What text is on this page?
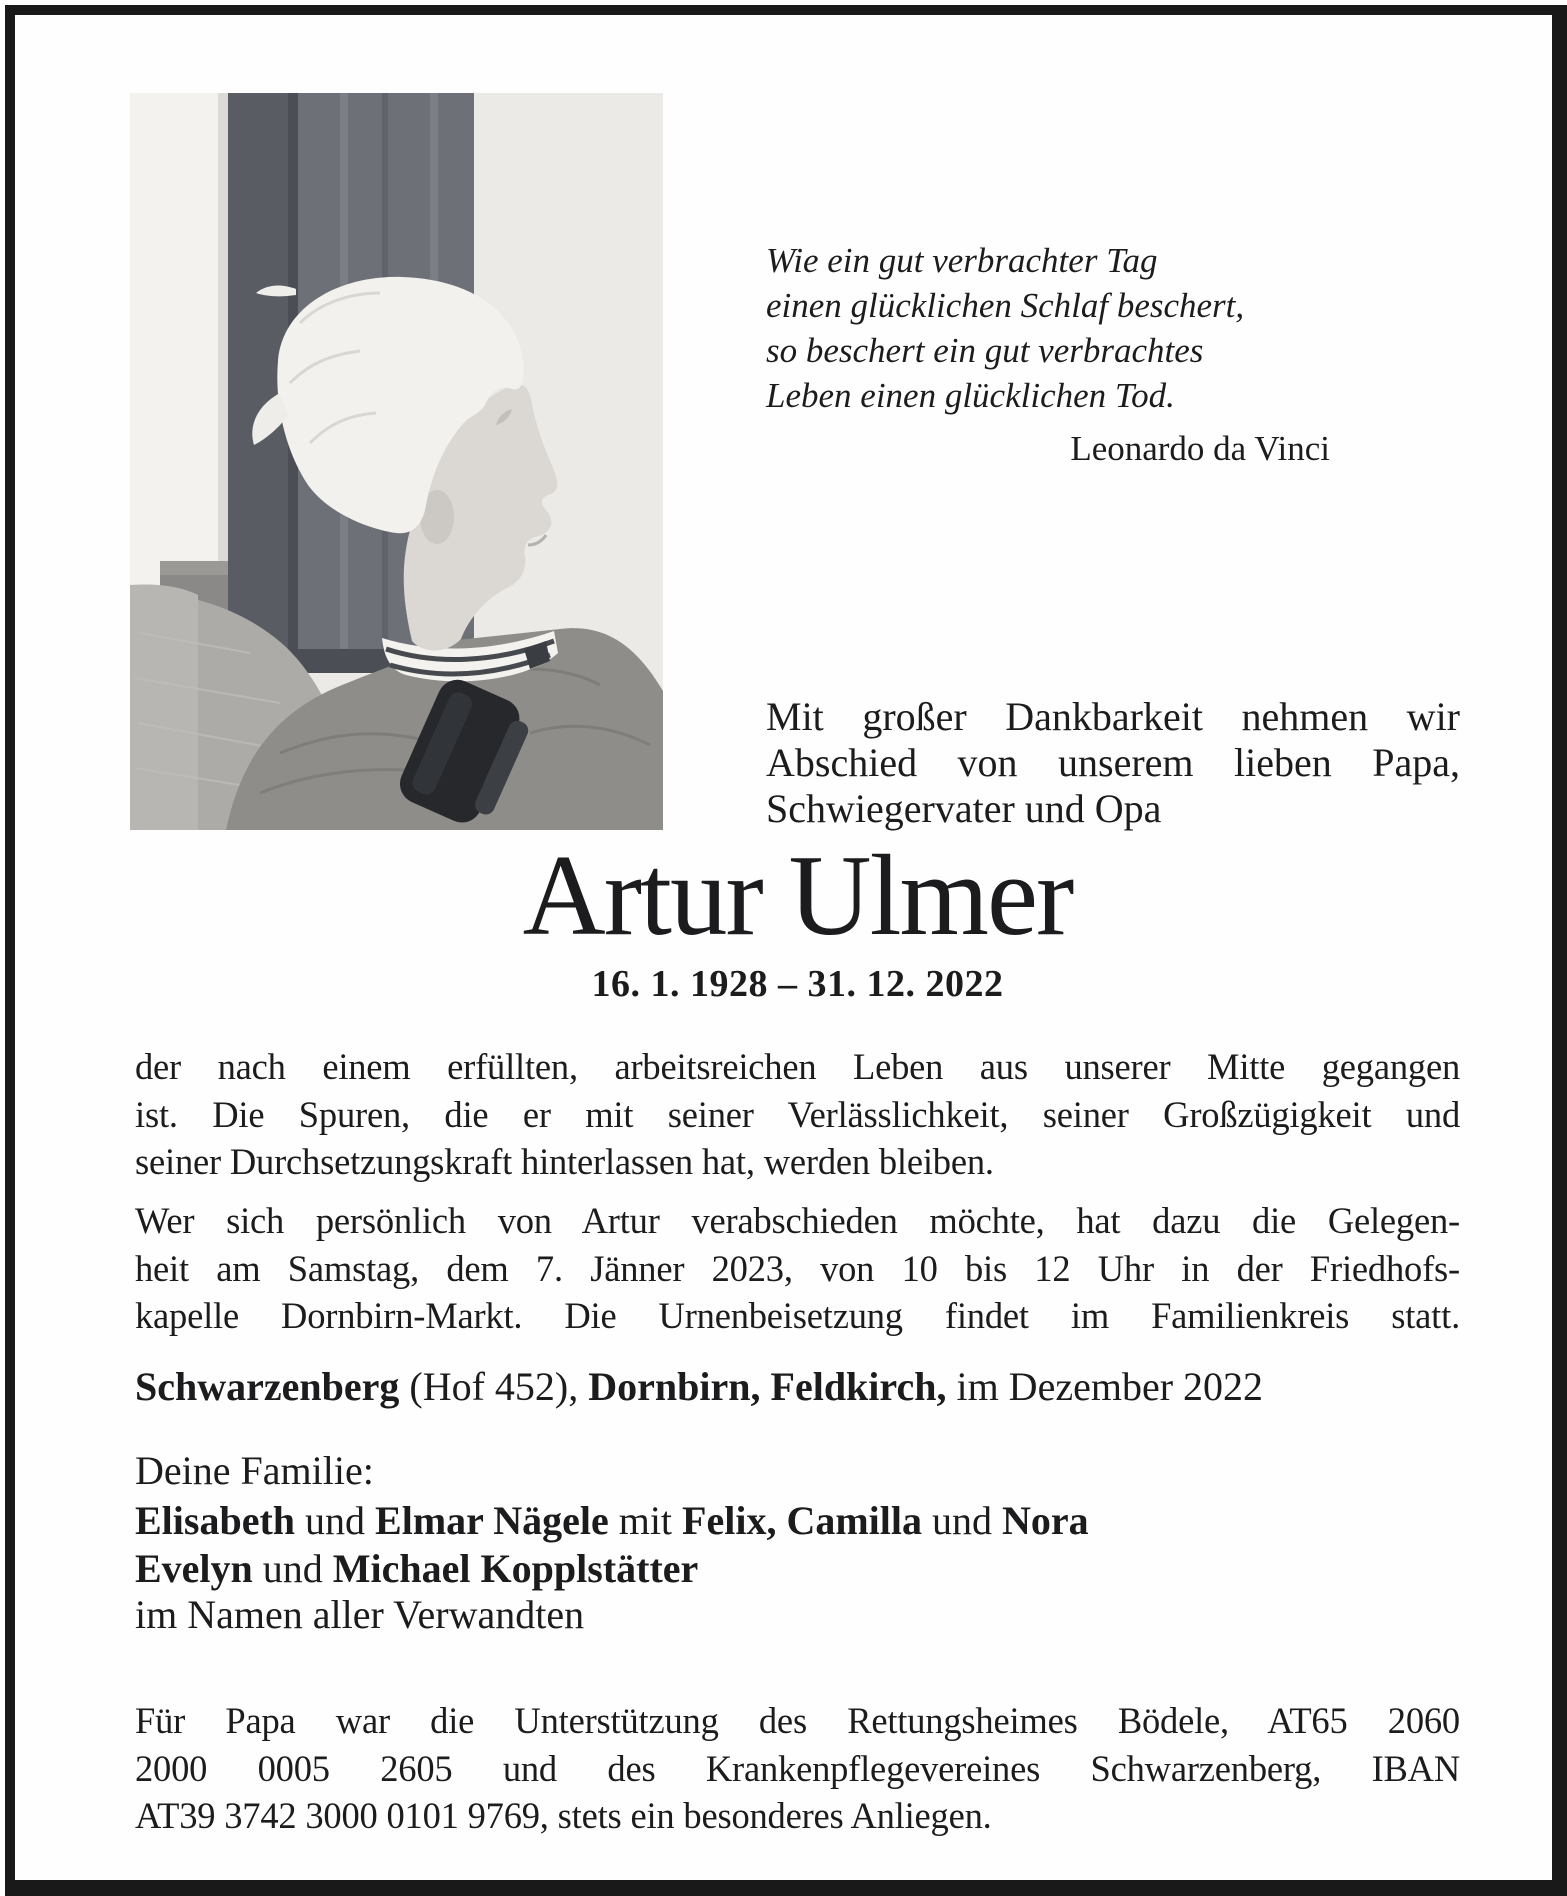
Wie ein gut verbrachter Tag
einen glücklichen Schlaf beschert,
so beschert ein gut verbrachtes
Leben einen glücklichen Tod.
Leonardo da Vinci
Mit großer Dankbarkeit nehmen wir
Abschied von unserem lieben Papa,
Schwiegervater und Opa
Artur Ulmer
16. 1. 1928 – 31. 12. 2022
der nach einem erfüllten, arbeitsreichen Leben aus unserer Mitte gegangen
ist. Die Spuren, die er mit seiner Verlässlichkeit, seiner Großzügigkeit und
seiner Durchsetzungskraft hinterlassen hat, werden bleiben.
Wer sich persönlich von Artur verabschieden möchte, hat dazu die Gelegen-
heit am Samstag, dem 7. Jänner 2023, von 10 bis 12 Uhr in der Friedhofs-
kapelle Dornbirn-Markt. Die Urnenbeisetzung findet im Familienkreis statt.
Schwarzenberg (Hof 452), Dornbirn, Feldkirch, im Dezember 2022
Deine Familie:
Elisabeth und Elmar Nägele mit Felix, Camilla und Nora
Evelyn und Michael Kopplstätter
im Namen aller Verwandten
Für Papa war die Unterstützung des Rettungsheimes Bödele, AT65 2060
2000 0005 2605 und des Krankenpflegevereines Schwarzenberg, IBAN
AT39 3742 3000 0101 9769, stets ein besonderes Anliegen.
